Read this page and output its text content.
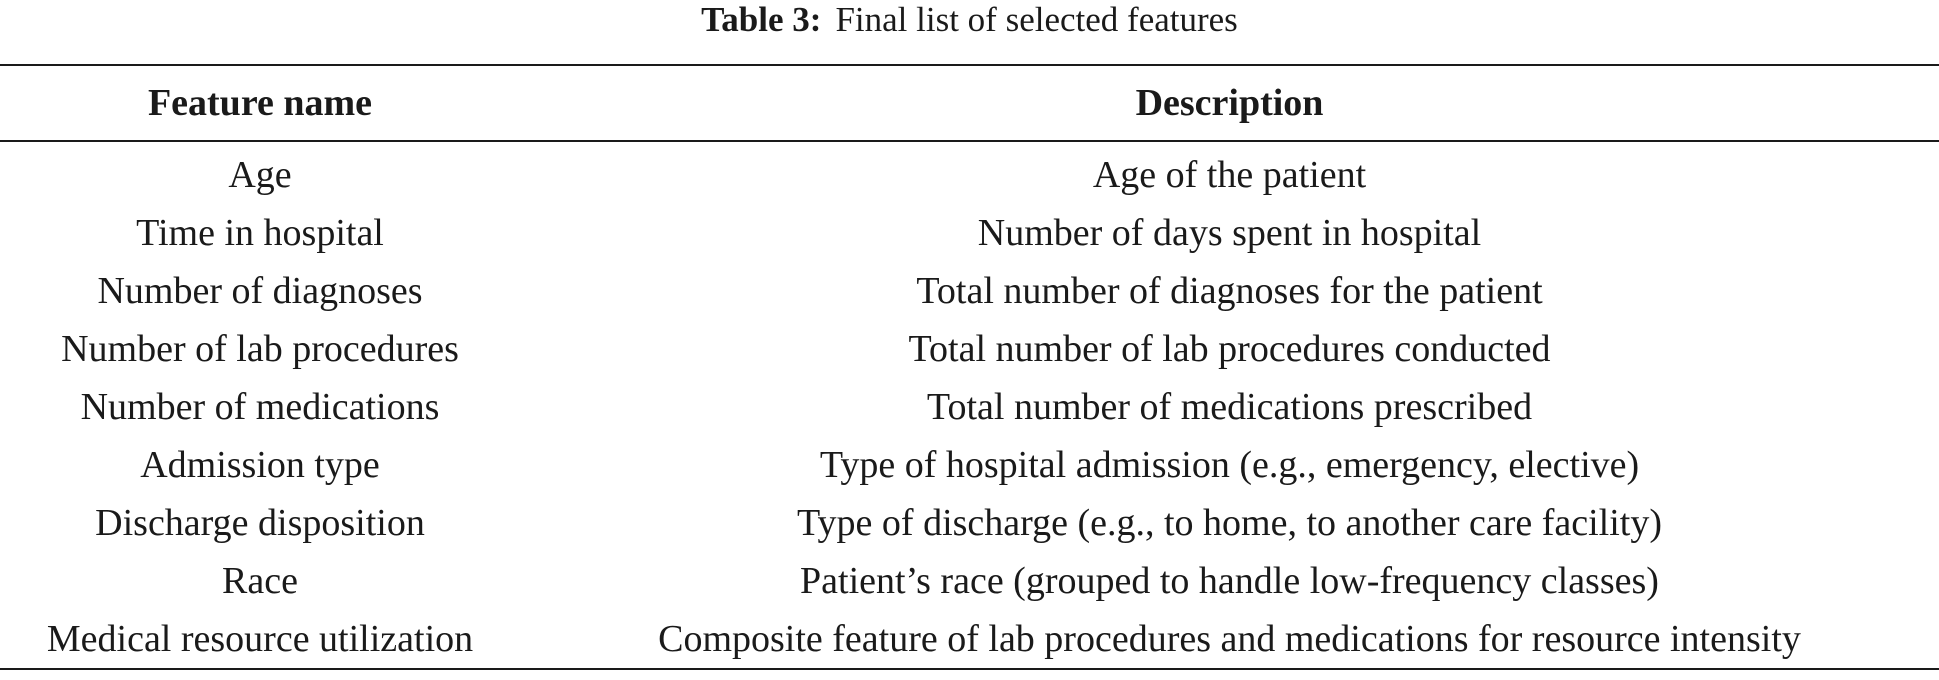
Table 3: Final list of selected features
Feature name	Description
Age	Age of the patient
Time in hospital	Number of days spent in hospital
Number of diagnoses	Total number of diagnoses for the patient
Number of lab procedures	Total number of lab procedures conducted
Number of medications	Total number of medications prescribed
Admission type	Type of hospital admission (e.g., emergency, elective)
Discharge disposition	Type of discharge (e.g., to home, to another care facility)
Race	Patient’s race (grouped to handle low-frequency classes)
Medical resource utilization	Composite feature of lab procedures and medications for resource intensity
